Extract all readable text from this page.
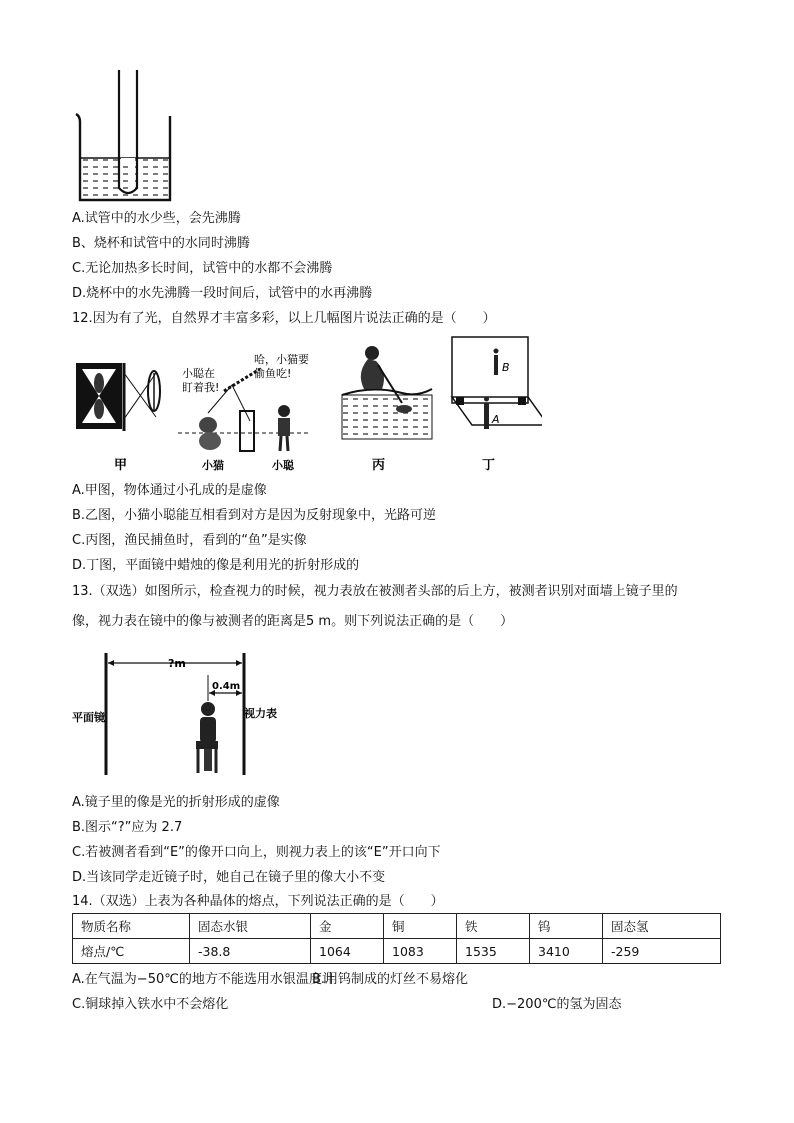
A.试管中的水少些，会先沸腾
B、烧杯和试管中的水同时沸腾
C.无论加热多长时间，试管中的水都不会沸腾
D.烧杯中的水先沸腾一段时间后，试管中的水再沸腾
12.因为有了光，自然界才丰富多彩，以上几幅图片说法正确的是（　　）
甲
小聪在
盯着我!
哈，小猫要
偷鱼吃!
小猫	小聪	丙
B
A
丁
A.甲图，物体通过小孔成的是虚像
B.乙图，小猫小聪能互相看到对方是因为反射现象中，光路可逆
C.丙图，渔民捕鱼时，看到的“鱼”是实像
D.丁图，平面镜中蜡烛的像是利用光的折射形成的
13.（双选）如图所示，检查视力的时候，视力表放在被测者头部的后上方，被测者识别对面墙上镜子里的
像，视力表在镜中的像与被测者的距离是5 m。则下列说法正确的是（　　）
?m
0.4m
平面镜	视力表
A.镜子里的像是光的折射形成的虚像
B.图示“?”应为 2.7
C.若被测者看到“E”的像开口向上，则视力表上的该“E”开口向下
D.当该同学走近镜子时，她自己在镜子里的像大小不变
14.（双选）上表为各种晶体的熔点，下列说法正确的是（　　）
物质名称	固态水银	金	铜	铁	钨	固态氢
熔点/℃	-38.8	1064	1083	1535	3410	-259
A.在气温为−50℃的地方不能选用水银温度计
B.用钨制成的灯丝不易熔化
C.铜球掉入铁水中不会熔化	D.−200℃的氢为固态
